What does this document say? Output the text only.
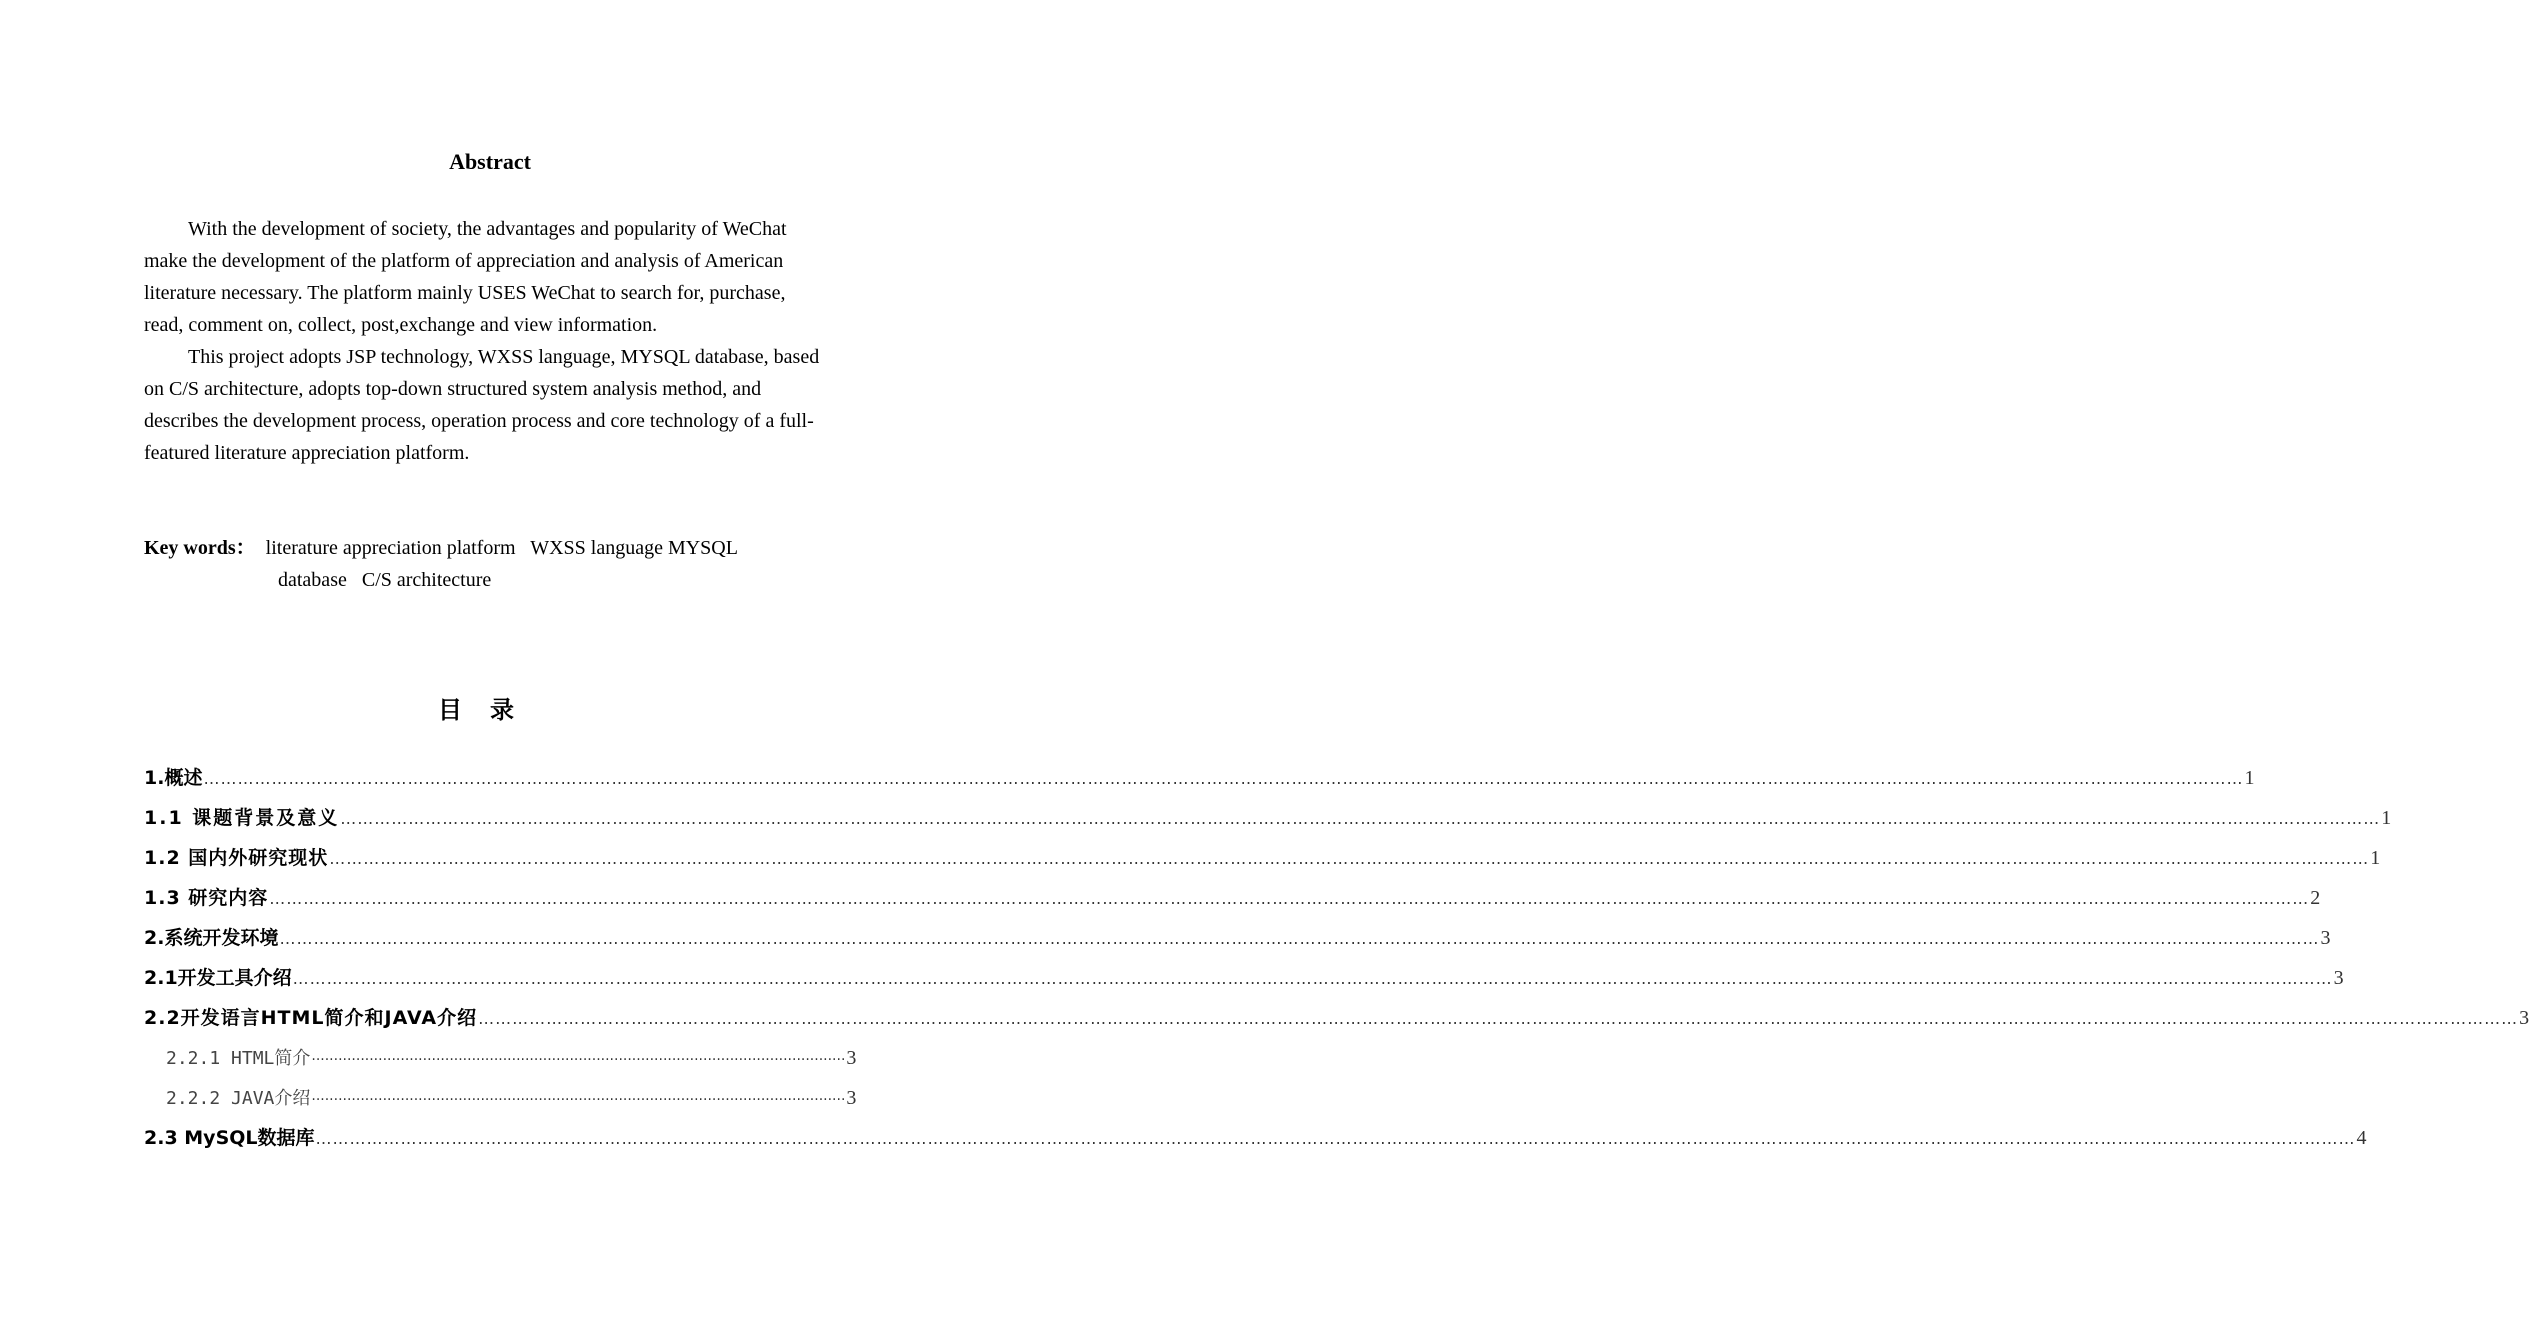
Abstract

With the development of society, the advantages and popularity of WeChat make the development of the platform of appreciation and analysis of American literature necessary. The platform mainly USES WeChat to search for, purchase, read, comment on, collect, post,exchange and view information.

This project adopts JSP technology, WXSS language, MYSQL database, based on C/S architecture, adopts top-down structured system analysis method, and describes the development process, operation process and core technology of a full-featured literature appreciation platform.

Key words： literature appreciation platform   WXSS language MYSQL
database   C/S architecture
目录
1.概述 ……………………………………………………………………………………………………………………………………………………………………………………………………………………………………………………………………………………………………………………………… 1
1.1 课题背景及意义 ……………………………………………………………………………………………………………………………………………………………………………………………………………………………………………………………………………………………………………………………… 1
1.2 国内外研究现状 ……………………………………………………………………………………………………………………………………………………………………………………………………………………………………………………………………………………………………………………………… 1
1.3 研究内容 ……………………………………………………………………………………………………………………………………………………………………………………………………………………………………………………………………………………………………………………………… 2
2.系统开发环境 ……………………………………………………………………………………………………………………………………………………………………………………………………………………………………………………………………………………………………………………………… 3
2.1开发工具介绍 ……………………………………………………………………………………………………………………………………………………………………………………………………………………………………………………………………………………………………………………………… 3
2.2开发语言HTML简介和JAVA介绍 ……………………………………………………………………………………………………………………………………………………………………………………………………………………………………………………………………………………………………………………………… 3
2.2.1 HTML简介 ························································································································ 3
2.2.2 JAVA介绍 ························································································································ 3
2.3 MySQL数据库 ……………………………………………………………………………………………………………………………………………………………………………………………………………………………………………………………………………………………………………………………… 4
